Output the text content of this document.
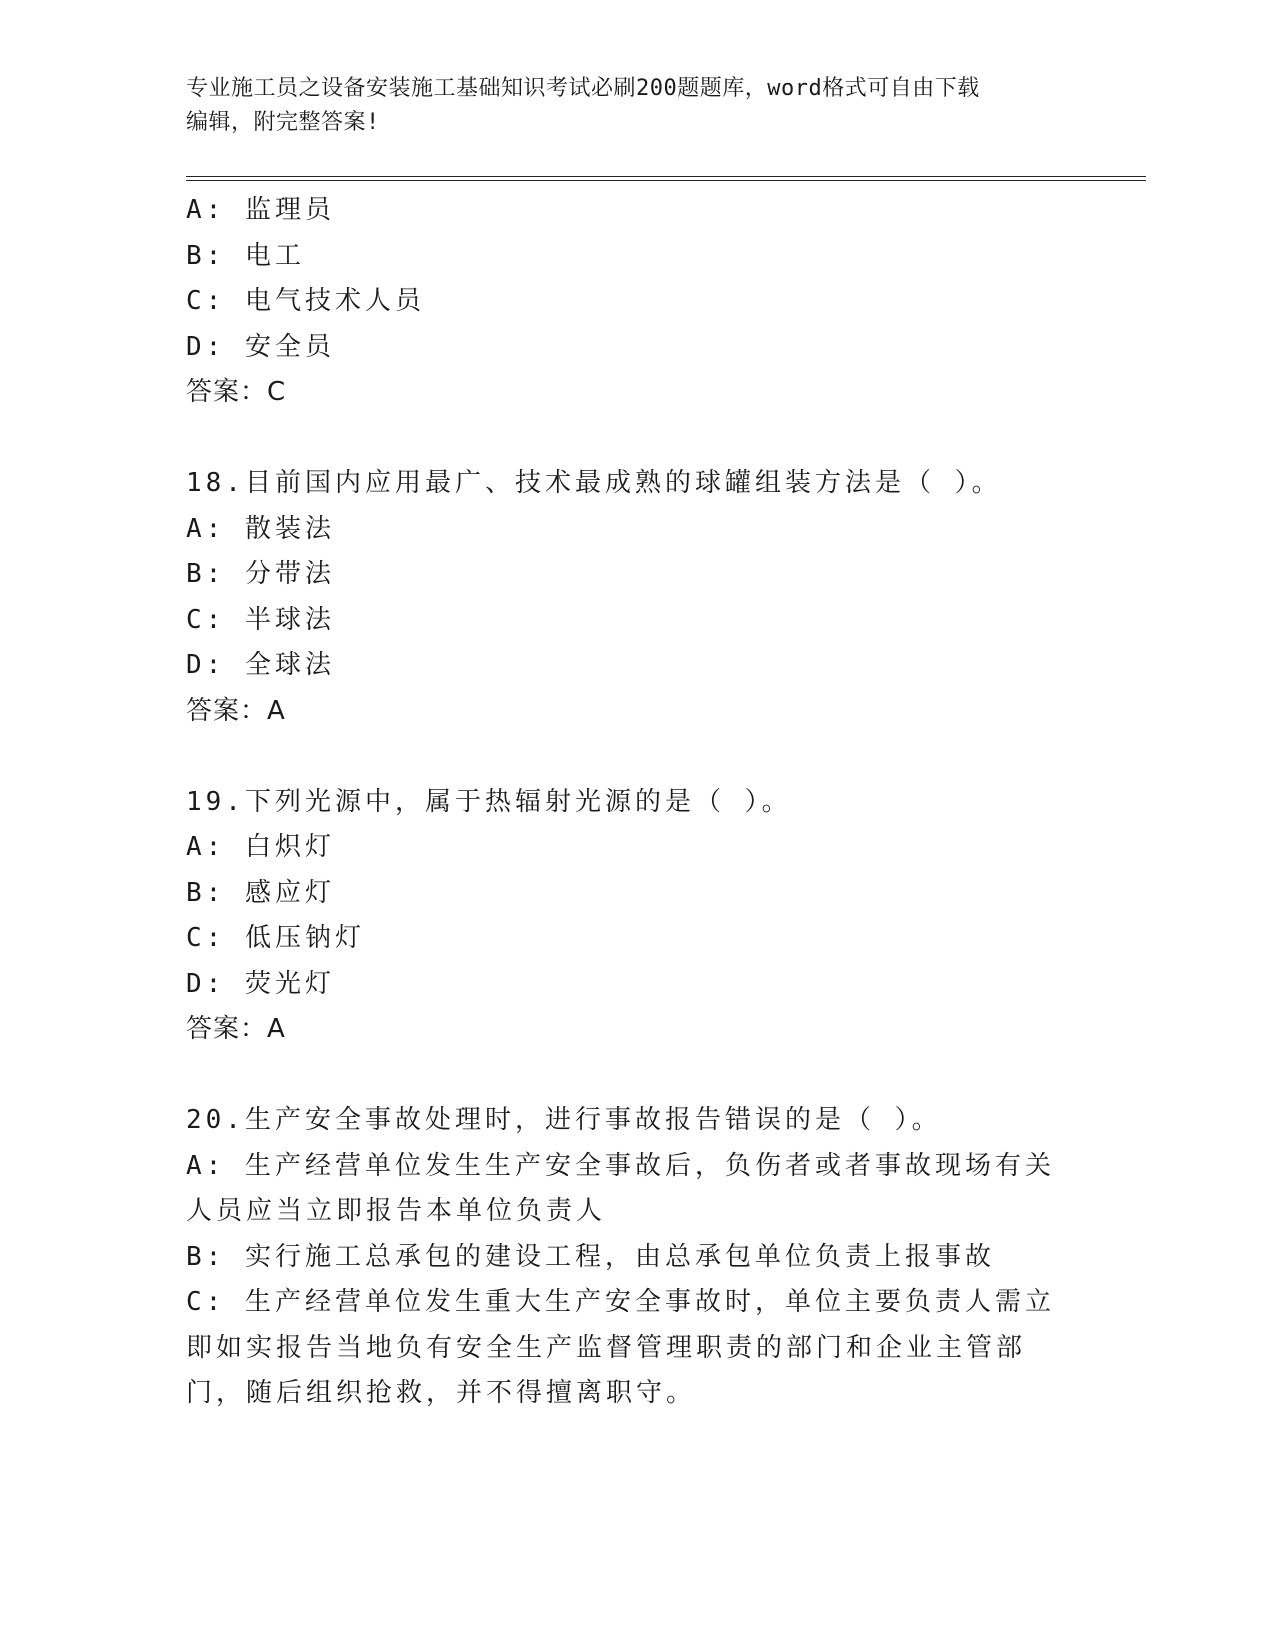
专业施工员之设备安装施工基础知识考试必刷200题题库，word格式可自由下载
编辑，附完整答案!
A: 监理员
B: 电工
C: 电气技术人员
D: 安全员
答案：C
18.目前国内应用最广、技术最成熟的球罐组装方法是（ ）。
A: 散装法
B: 分带法
C: 半球法
D: 全球法
答案：A
19.下列光源中，属于热辐射光源的是（ ）。
A: 白炽灯
B: 感应灯
C: 低压钠灯
D: 荧光灯
答案：A
20.生产安全事故处理时，进行事故报告错误的是（ ）。
A: 生产经营单位发生生产安全事故后，负伤者或者事故现场有关人员应当立即报告本单位负责人
B: 实行施工总承包的建设工程，由总承包单位负责上报事故
C: 生产经营单位发生重大生产安全事故时，单位主要负责人需立即如实报告当地负有安全生产监督管理职责的部门和企业主管部门，随后组织抢救，并不得擅离职守。
